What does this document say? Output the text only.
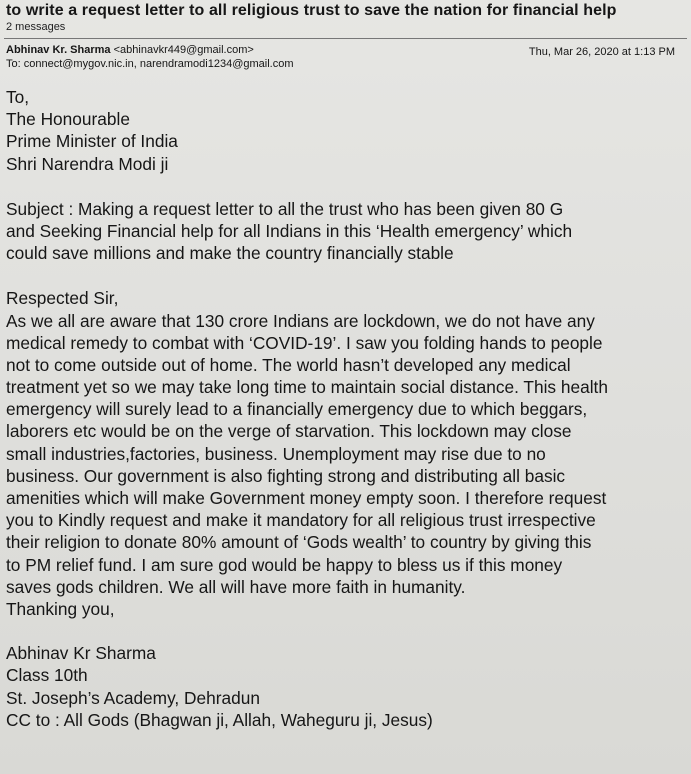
to write a request letter to all religious trust to save the nation for financial help
2 messages
Abhinav Kr. Sharma <abhinavkr449@gmail.com>
To: connect@mygov.nic.in, narendramodi1234@gmail.com
Thu, Mar 26, 2020 at 1:13 PM
To,
The Honourable
Prime Minister of India
Shri Narendra Modi ji
Subject : Making a request letter to all the trust who has been given 80 G
and Seeking Financial help for all Indians in this ‘Health emergency’ which
could save millions and make the country financially stable
Respected Sir,
As we all are aware that 130 crore Indians are lockdown, we do not have any
medical remedy to combat with ‘COVID-19’. I saw you folding hands to people
not to come outside out of home. The world hasn’t developed any medical
treatment yet so we may take long time to maintain social distance. This health
emergency will surely lead to a financially emergency due to which beggars,
laborers etc would be on the verge of starvation. This lockdown may close
small industries,factories, business. Unemployment may rise due to no
business. Our government is also fighting strong and distributing all basic
amenities which will make Government money empty soon. I therefore request
you to Kindly request and make it mandatory for all religious trust irrespective
their religion to donate 80% amount of ‘Gods wealth’ to country by giving this
to PM relief fund. I am sure god would be happy to bless us if this money
saves gods children. We all will have more faith in humanity.
Thanking you,
Abhinav Kr Sharma
Class 10th
St. Joseph’s Academy, Dehradun
CC to : All Gods (Bhagwan ji, Allah, Waheguru ji, Jesus)
